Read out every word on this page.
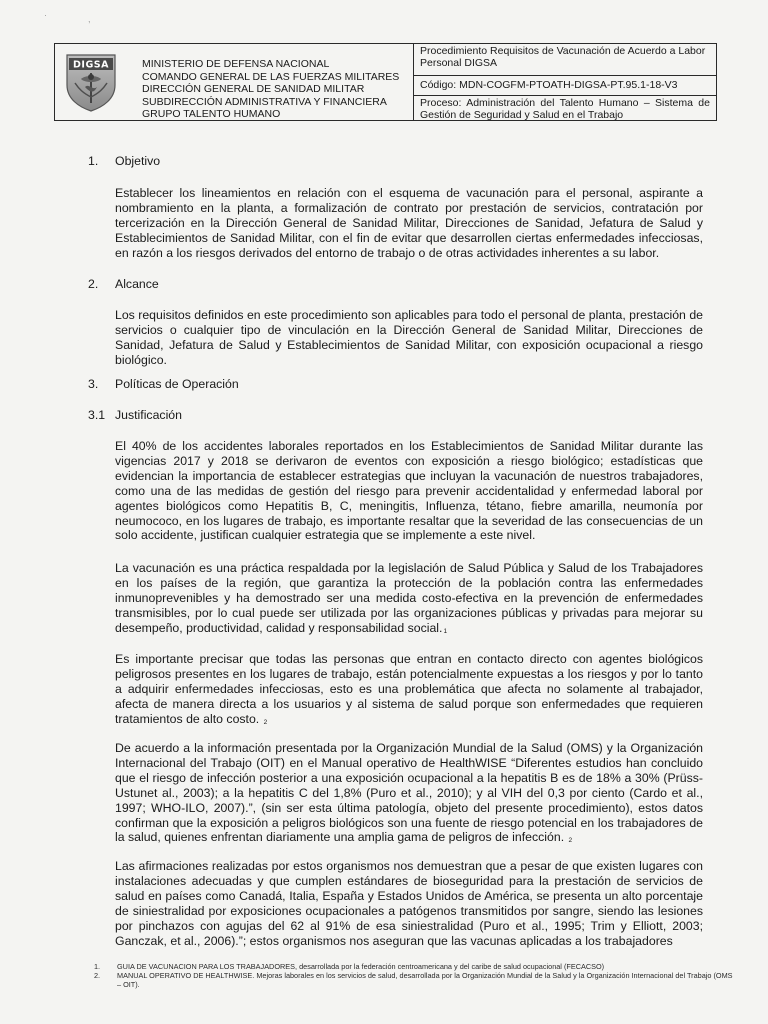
·	,
DIGSA	MINISTERIO DE DEFENSA NACIONAL
COMANDO GENERAL DE LAS FUERZAS MILITARES
DIRECCIÓN GENERAL DE SANIDAD MILITAR
SUBDIRECCIÓN ADMINISTRATIVA Y FINANCIERA
GRUPO TALENTO HUMANO
Procedimiento Requisitos de Vacunación de Acuerdo a Labor Personal DIGSA
Código: MDN-COGFM-PTOATH-DIGSA-PT.95.1-18-V3
Proceso: Administración del Talento Humano – Sistema de Gestión de Seguridad y Salud en el Trabajo
1. Objetivo

Establecer los lineamientos en relación con el esquema de vacunación para el personal, aspirante a nombramiento en la planta, a formalización de contrato por prestación de servicios, contratación por tercerización en la Dirección General de Sanidad Militar, Direcciones de Sanidad, Jefatura de Salud y Establecimientos de Sanidad Militar, con el fin de evitar que desarrollen ciertas enfermedades infecciosas, en razón a los riesgos derivados del entorno de trabajo o de otras actividades inherentes a su labor.

2. Alcance

Los requisitos definidos en este procedimiento son aplicables para todo el personal de planta, prestación de servicios o cualquier tipo de vinculación en la Dirección General de Sanidad Militar, Direcciones de Sanidad, Jefatura de Salud y Establecimientos de Sanidad Militar, con exposición ocupacional a riesgo biológico.

3. Políticas de Operación
3.1 Justificación

El 40% de los accidentes laborales reportados en los Establecimientos de Sanidad Militar durante las vigencias 2017 y 2018 se derivaron de eventos con exposición a riesgo biológico; estadísticas que evidencian la importancia de establecer estrategias que incluyan la vacunación de nuestros trabajadores, como una de las medidas de gestión del riesgo para prevenir accidentalidad y enfermedad laboral por agentes biológicos como Hepatitis B, C, meningitis, Influenza, tétano, fiebre amarilla, neumonía por neumococo, en los lugares de trabajo, es importante resaltar que la severidad de las consecuencias de un solo accidente, justifican cualquier estrategia que se implemente a este nivel.

La vacunación es una práctica respaldada por la legislación de Salud Pública y Salud de los Trabajadores en los países de la región, que garantiza la protección de la población contra las enfermedades inmunoprevenibles y ha demostrado ser una medida costo-efectiva en la prevención de enfermedades transmisibles, por lo cual puede ser utilizada por las organizaciones públicas y privadas para mejorar su desempeño, productividad, calidad y responsabilidad social.1

Es importante precisar que todas las personas que entran en contacto directo con agentes biológicos peligrosos presentes en los lugares de trabajo, están potencialmente expuestas a los riesgos y por lo tanto a adquirir enfermedades infecciosas, esto es una problemática que afecta no solamente al trabajador, afecta de manera directa a los usuarios y al sistema de salud porque son enfermedades que requieren tratamientos de alto costo. 2

De acuerdo a la información presentada por la Organización Mundial de la Salud (OMS) y la Organización Internacional del Trabajo (OIT) en el Manual operativo de HealthWISE “Diferentes estudios han concluido que el riesgo de infección posterior a una exposición ocupacional a la hepatitis B es de 18% a 30% (Prüss-Ustunet al., 2003); a la hepatitis C del 1,8% (Puro et al., 2010); y al VIH del 0,3 por ciento (Cardo et al., 1997; WHO-ILO, 2007).”, (sin ser esta última patología, objeto del presente procedimiento), estos datos confirman que la exposición a peligros biológicos son una fuente de riesgo potencial en los trabajadores de la salud, quienes enfrentan diariamente una amplia gama de peligros de infección. 2

Las afirmaciones realizadas por estos organismos nos demuestran que a pesar de que existen lugares con instalaciones adecuadas y que cumplen estándares de bioseguridad para la prestación de servicios de salud en países como Canadá, Italia, España y Estados Unidos de América, se presenta un alto porcentaje de siniestralidad por exposiciones ocupacionales a patógenos transmitidos por sangre, siendo las lesiones por pinchazos con agujas del 62 al 91% de esa siniestralidad (Puro et al., 1995; Trim y Elliott, 2003; Ganczak, et al., 2006).”; estos organismos nos aseguran que las vacunas aplicadas a los trabajadores

1. GUIA DE VACUNACION PARA LOS TRABAJADORES, desarrollada por la federación centroamericana y del caribe de salud ocupacional (FECACSO)
2. MANUAL OPERATIVO DE HEALTHWISE. Mejoras laborales en los servicios de salud, desarrollada por la Organización Mundial de la Salud y la Organización Internacional del Trabajo (OMS – OIT).
